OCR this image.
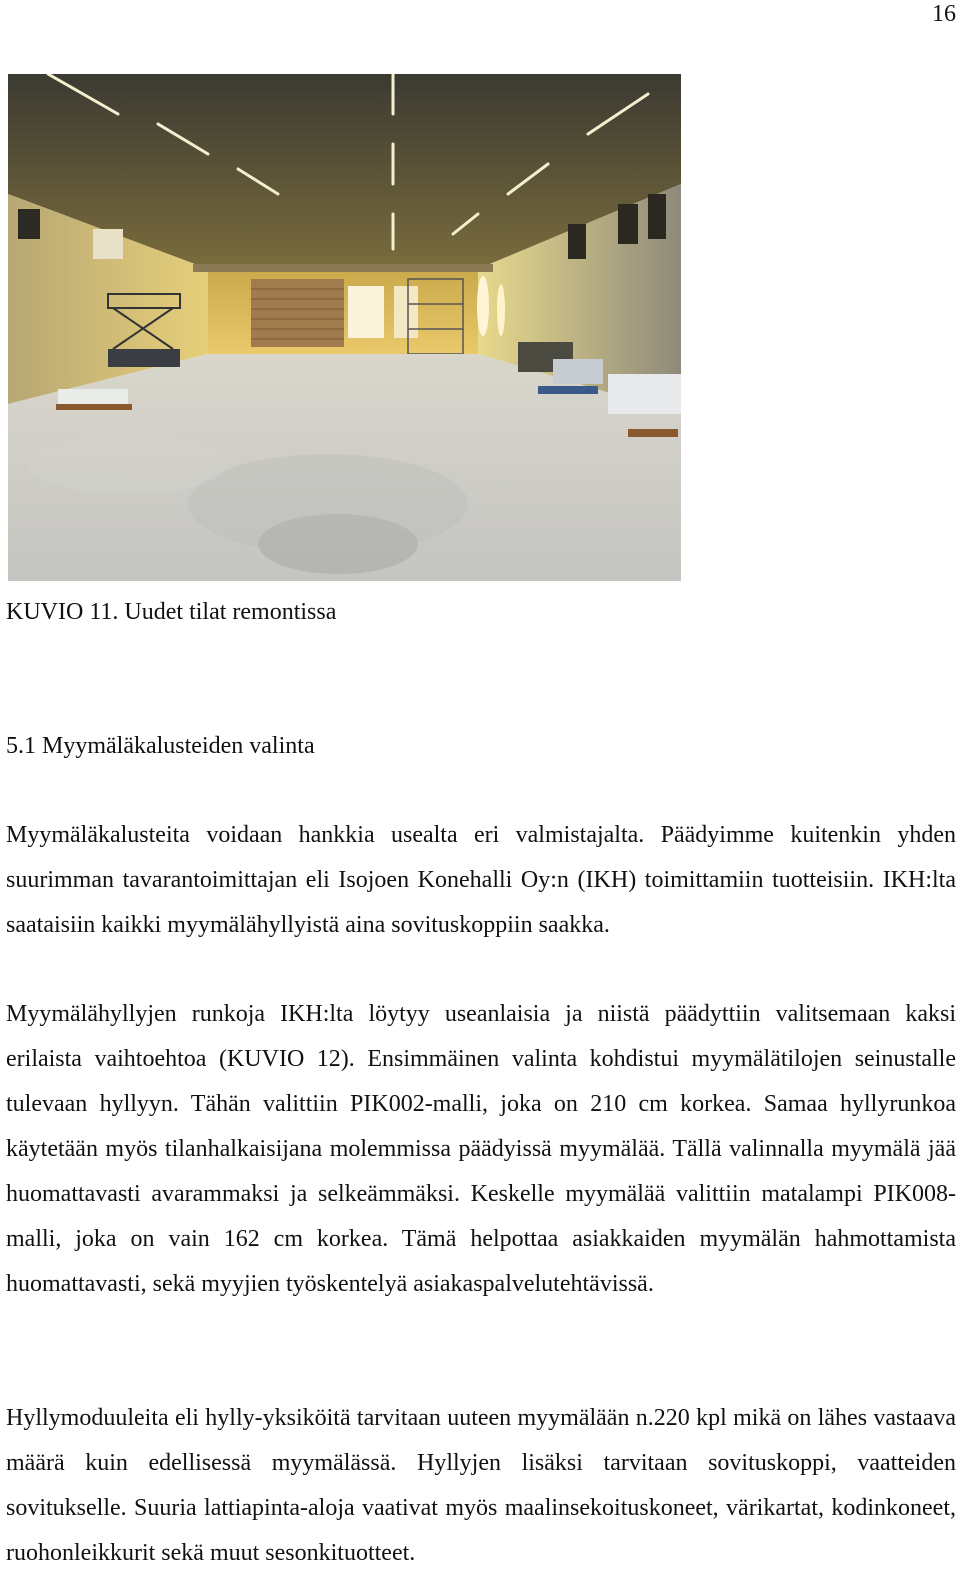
16
KUVIO 11. Uudet tilat remontissa
5.1 Myymäläkalusteiden valinta

Myymäläkalusteita voidaan hankkia usealta eri valmistajalta. Päädyimme kuitenkin yhden suurimman tavarantoimittajan eli Isojoen Konehalli Oy:n (IKH) toimittamiin tuotteisiin. IKH:lta saataisiin kaikki myymälähyllyistä aina sovituskoppiin saakka.

Myymälähyllyjen runkoja IKH:lta löytyy useanlaisia ja niistä päädyttiin valitsemaan kaksi erilaista vaihtoehtoa (KUVIO 12). Ensimmäinen valinta kohdistui myymälätilojen seinustalle tulevaan hyllyyn. Tähän valittiin PIK002-malli, joka on 210 cm korkea. Samaa hyllyrunkoa käytetään myös tilanhalkaisijana molemmissa päädyissä myymälää. Tällä valinnalla myymälä jää huomattavasti avarammaksi ja selkeämmäksi. Keskelle myymälää valittiin matalampi PIK008-malli, joka on vain 162 cm korkea. Tämä helpottaa asiakkaiden myymälän hahmottamista huomattavasti, sekä myyjien työskentelyä asiakaspalvelutehtävissä.

Hyllymoduuleita eli hylly-yksiköitä tarvitaan uuteen myymälään n.220 kpl mikä on lähes vastaava määrä kuin edellisessä myymälässä. Hyllyjen lisäksi tarvitaan sovituskoppi, vaatteiden sovitukselle. Suuria lattiapinta-aloja vaativat myös maalinsekoituskoneet, värikartat, kodinkoneet, ruohonleikkurit sekä muut sesonkituotteet.
